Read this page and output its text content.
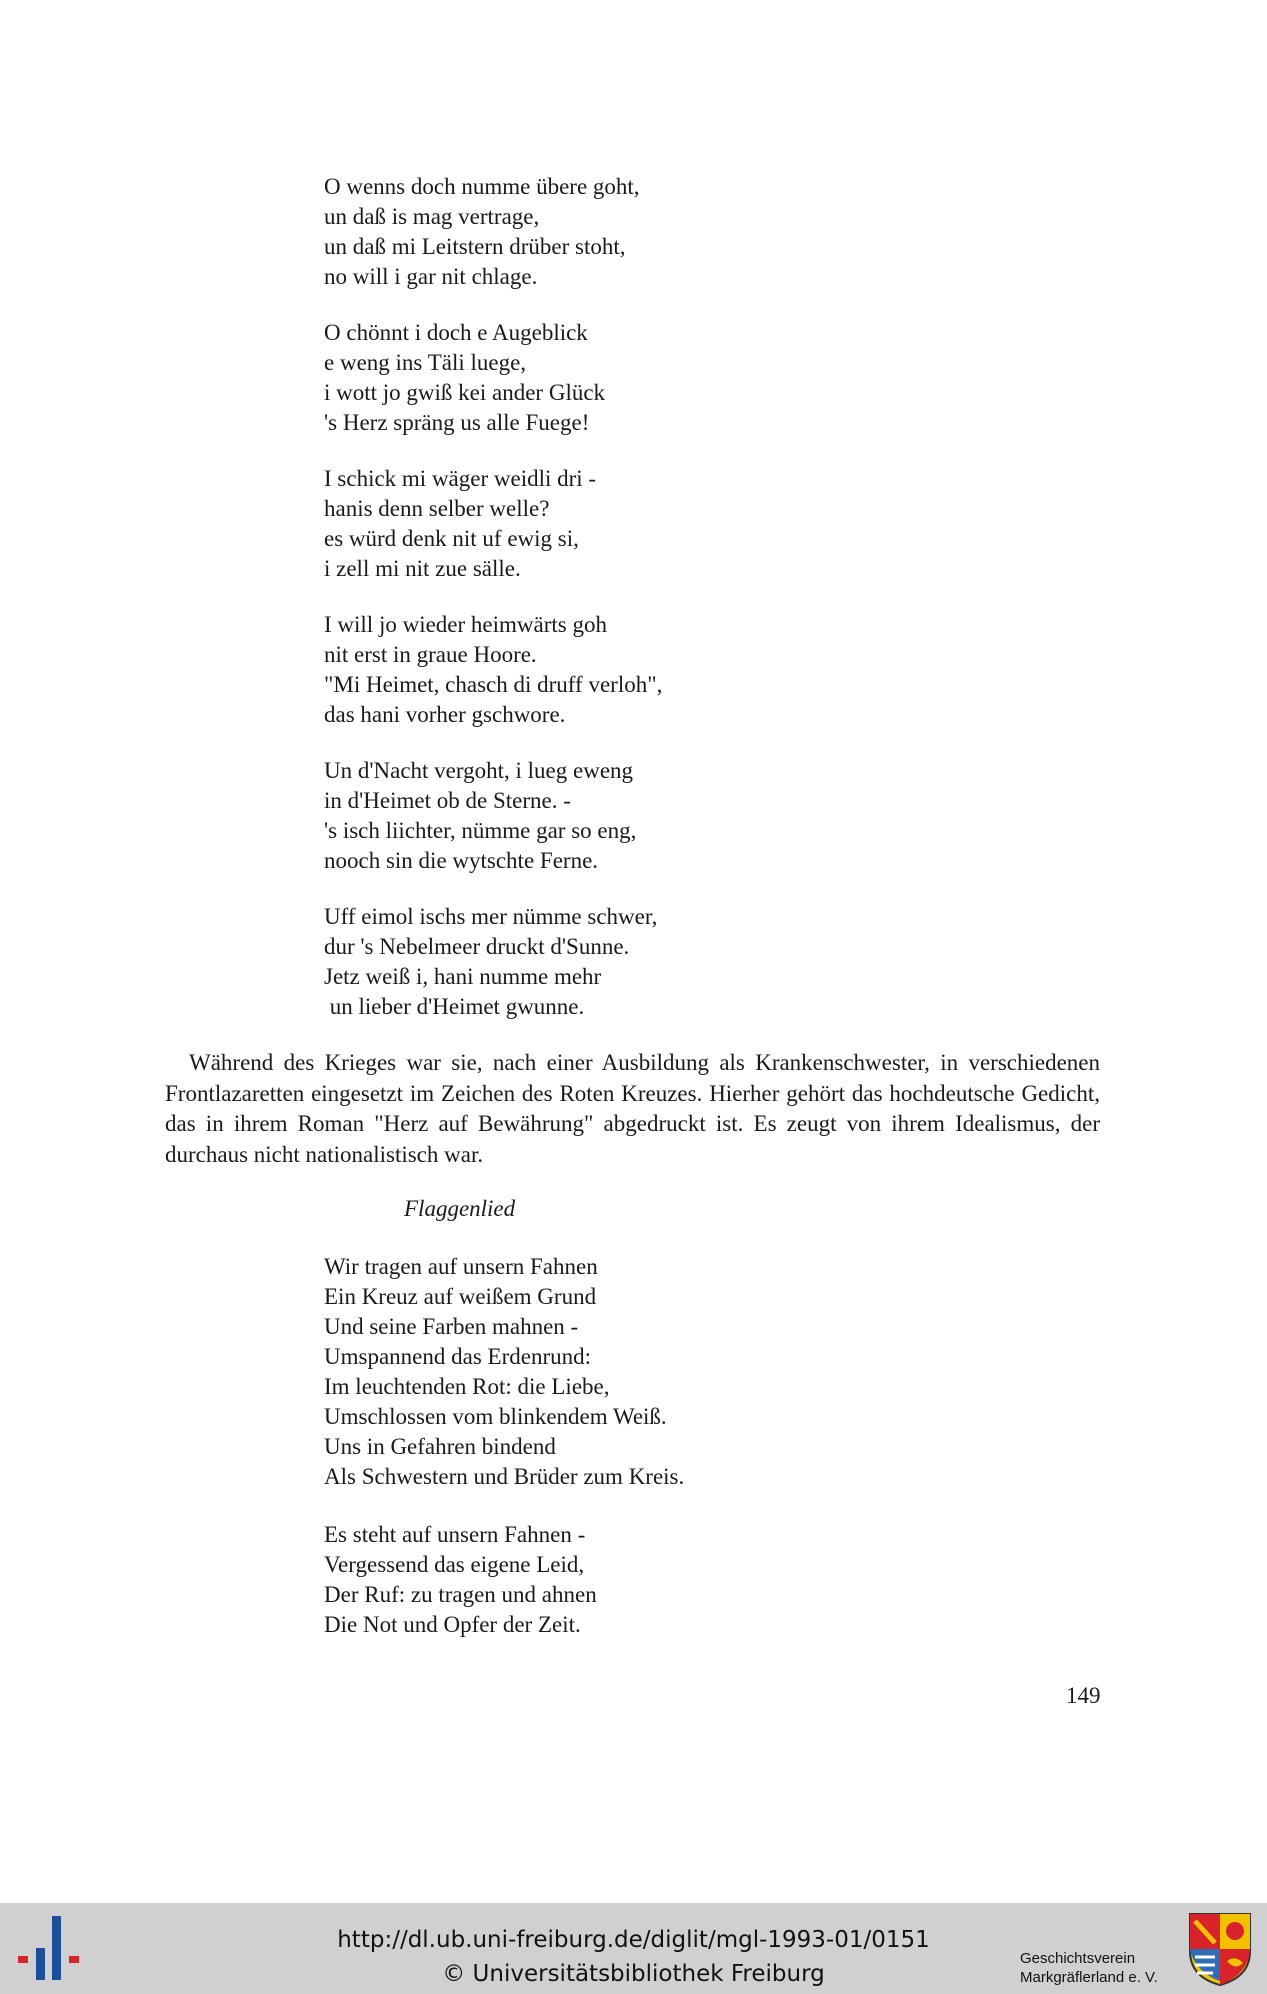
O wenns doch numme übere goht,
un daß is mag vertrage,
un daß mi Leitstern drüber stoht,
no will i gar nit chlage.
O chönnt i doch e Augeblick
e weng ins Täli luege,
i wott jo gwiß kei ander Glück
's Herz spräng us alle Fuege!
I schick mi wäger weidli dri -
hanis denn selber welle?
es würd denk nit uf ewig si,
i zell mi nit zue sälle.
I will jo wieder heimwärts goh
nit erst in graue Hoore.
"Mi Heimet, chasch di druff verloh",
das hani vorher gschwore.
Un d'Nacht vergoht, i lueg eweng
in d'Heimet ob de Sterne. -
's isch liichter, nümme gar so eng,
nooch sin die wytschte Ferne.
Uff eimol ischs mer nümme schwer,
dur 's Nebelmeer druckt d'Sunne.
Jetz weiß i, hani numme mehr
un lieber d'Heimet gwunne.

Während des Krieges war sie, nach einer Ausbildung als Krankenschwester, in verschiedenen Frontlazaretten eingesetzt im Zeichen des Roten Kreuzes. Hierher gehört das hochdeutsche Gedicht, das in ihrem Roman "Herz auf Bewährung" abgedruckt ist. Es zeugt von ihrem Idealismus, der durchaus nicht nationalistisch war.

Flaggenlied
Wir tragen auf unsern Fahnen
Ein Kreuz auf weißem Grund
Und seine Farben mahnen -
Umspannend das Erdenrund:
Im leuchtenden Rot: die Liebe,
Umschlossen vom blinkendem Weiß.
Uns in Gefahren bindend
Als Schwestern und Brüder zum Kreis.
Es steht auf unsern Fahnen -
Vergessend das eigene Leid,
Der Ruf: zu tragen und ahnen
Die Not und Opfer der Zeit.
149
http://dl.ub.uni-freiburg.de/diglit/mgl-1993-01/0151
© Universitätsbibliothek Freiburg
Geschichtsverein
Markgräflerland e. V.
